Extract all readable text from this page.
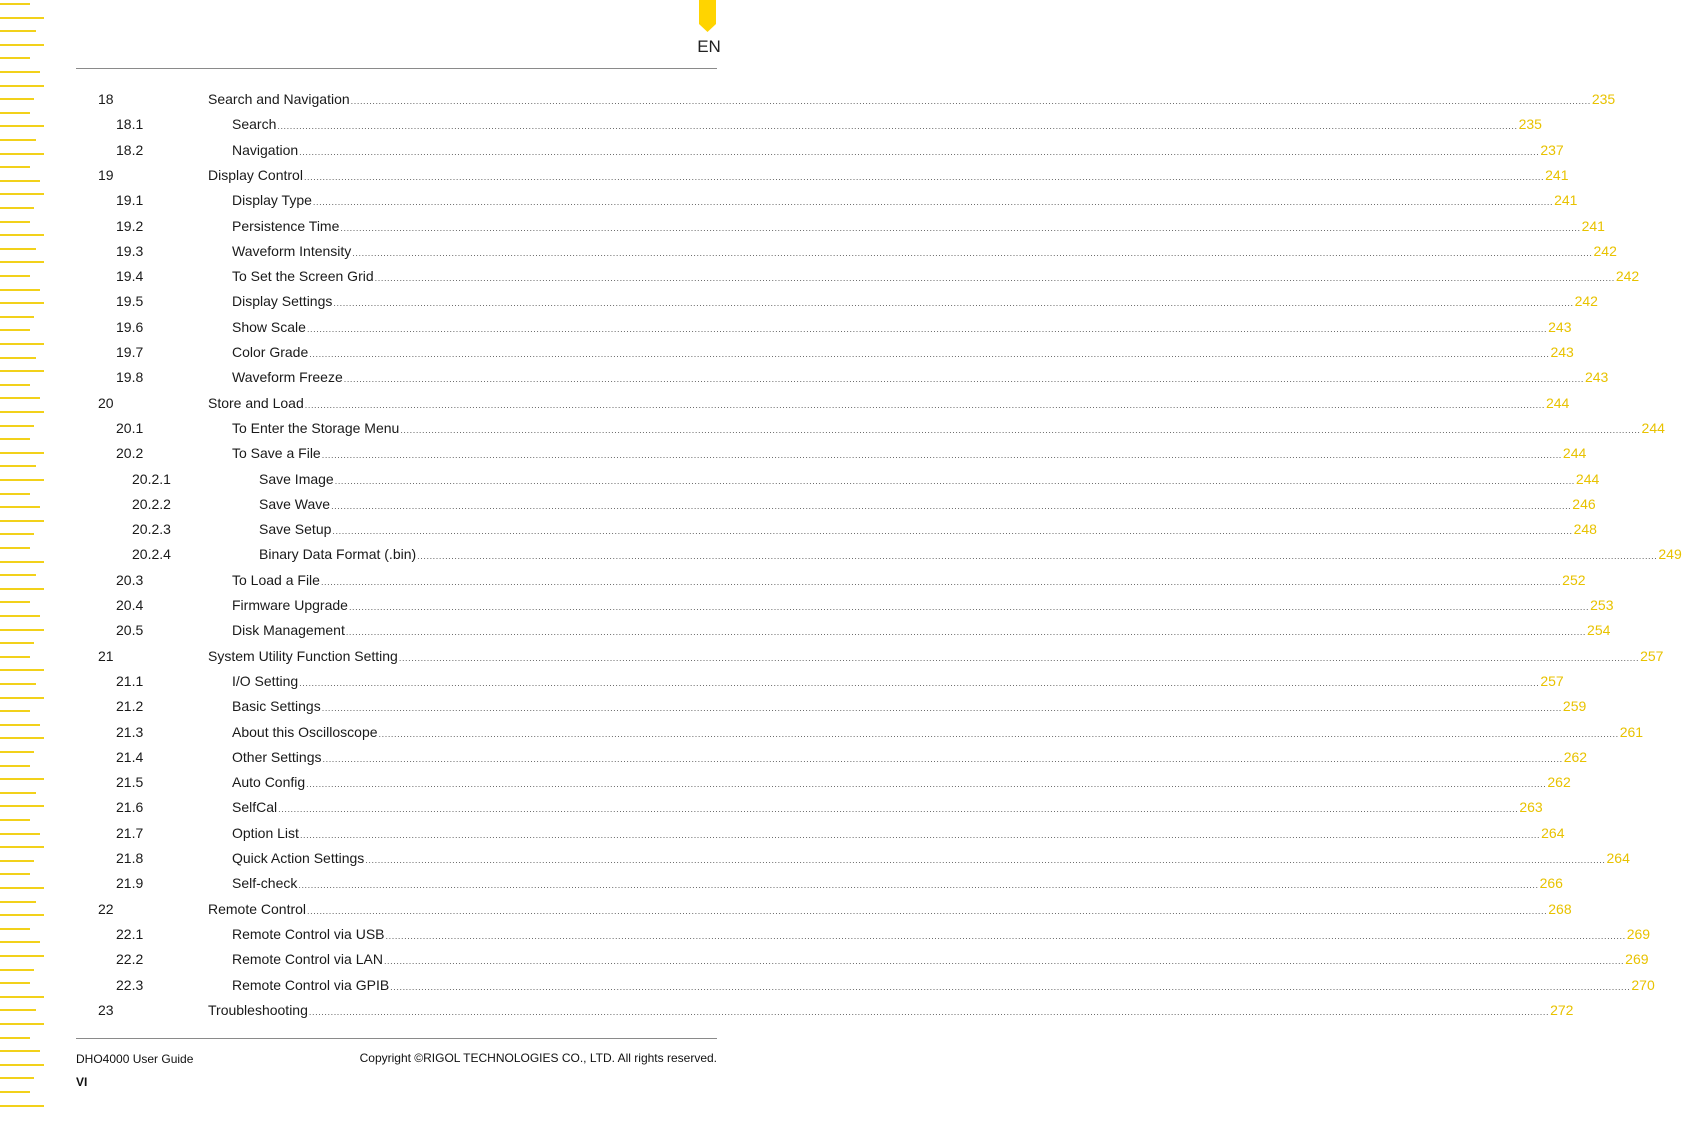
EN
18	Search and Navigation ................................................................................................................................................................................................................................................................................................................................................................................................................ 235
18.1	Search ................................................................................................................................................................................................................................................................................................................................................................................................................ 235
18.2	Navigation ................................................................................................................................................................................................................................................................................................................................................................................................................ 237
19	Display Control ................................................................................................................................................................................................................................................................................................................................................................................................................ 241
19.1	Display Type ................................................................................................................................................................................................................................................................................................................................................................................................................ 241
19.2	Persistence Time ................................................................................................................................................................................................................................................................................................................................................................................................................ 241
19.3	Waveform Intensity ................................................................................................................................................................................................................................................................................................................................................................................................................ 242
19.4	To Set the Screen Grid ................................................................................................................................................................................................................................................................................................................................................................................................................ 242
19.5	Display Settings ................................................................................................................................................................................................................................................................................................................................................................................................................ 242
19.6	Show Scale ................................................................................................................................................................................................................................................................................................................................................................................................................ 243
19.7	Color Grade ................................................................................................................................................................................................................................................................................................................................................................................................................ 243
19.8	Waveform Freeze ................................................................................................................................................................................................................................................................................................................................................................................................................ 243
20	Store and Load ................................................................................................................................................................................................................................................................................................................................................................................................................ 244
20.1	To Enter the Storage Menu ................................................................................................................................................................................................................................................................................................................................................................................................................ 244
20.2	To Save a File ................................................................................................................................................................................................................................................................................................................................................................................................................ 244
20.2.1	Save Image ................................................................................................................................................................................................................................................................................................................................................................................................................ 244
20.2.2	Save Wave ................................................................................................................................................................................................................................................................................................................................................................................................................ 246
20.2.3	Save Setup ................................................................................................................................................................................................................................................................................................................................................................................................................ 248
20.2.4	Binary Data Format (.bin) ................................................................................................................................................................................................................................................................................................................................................................................................................ 249
20.3	To Load a File ................................................................................................................................................................................................................................................................................................................................................................................................................ 252
20.4	Firmware Upgrade ................................................................................................................................................................................................................................................................................................................................................................................................................ 253
20.5	Disk Management ................................................................................................................................................................................................................................................................................................................................................................................................................ 254
21	System Utility Function Setting ................................................................................................................................................................................................................................................................................................................................................................................................................ 257
21.1	I/O Setting ................................................................................................................................................................................................................................................................................................................................................................................................................ 257
21.2	Basic Settings ................................................................................................................................................................................................................................................................................................................................................................................................................ 259
21.3	About this Oscilloscope ................................................................................................................................................................................................................................................................................................................................................................................................................ 261
21.4	Other Settings ................................................................................................................................................................................................................................................................................................................................................................................................................ 262
21.5	Auto Config ................................................................................................................................................................................................................................................................................................................................................................................................................ 262
21.6	SelfCal ................................................................................................................................................................................................................................................................................................................................................................................................................ 263
21.7	Option List ................................................................................................................................................................................................................................................................................................................................................................................................................ 264
21.8	Quick Action Settings ................................................................................................................................................................................................................................................................................................................................................................................................................ 264
21.9	Self-check ................................................................................................................................................................................................................................................................................................................................................................................................................ 266
22	Remote Control ................................................................................................................................................................................................................................................................................................................................................................................................................ 268
22.1	Remote Control via USB ................................................................................................................................................................................................................................................................................................................................................................................................................ 269
22.2	Remote Control via LAN ................................................................................................................................................................................................................................................................................................................................................................................................................ 269
22.3	Remote Control via GPIB ................................................................................................................................................................................................................................................................................................................................................................................................................ 270
23	Troubleshooting ................................................................................................................................................................................................................................................................................................................................................................................................................ 272
DHO4000 User Guide	Copyright ©RIGOL TECHNOLOGIES CO., LTD. All rights reserved.
VI
